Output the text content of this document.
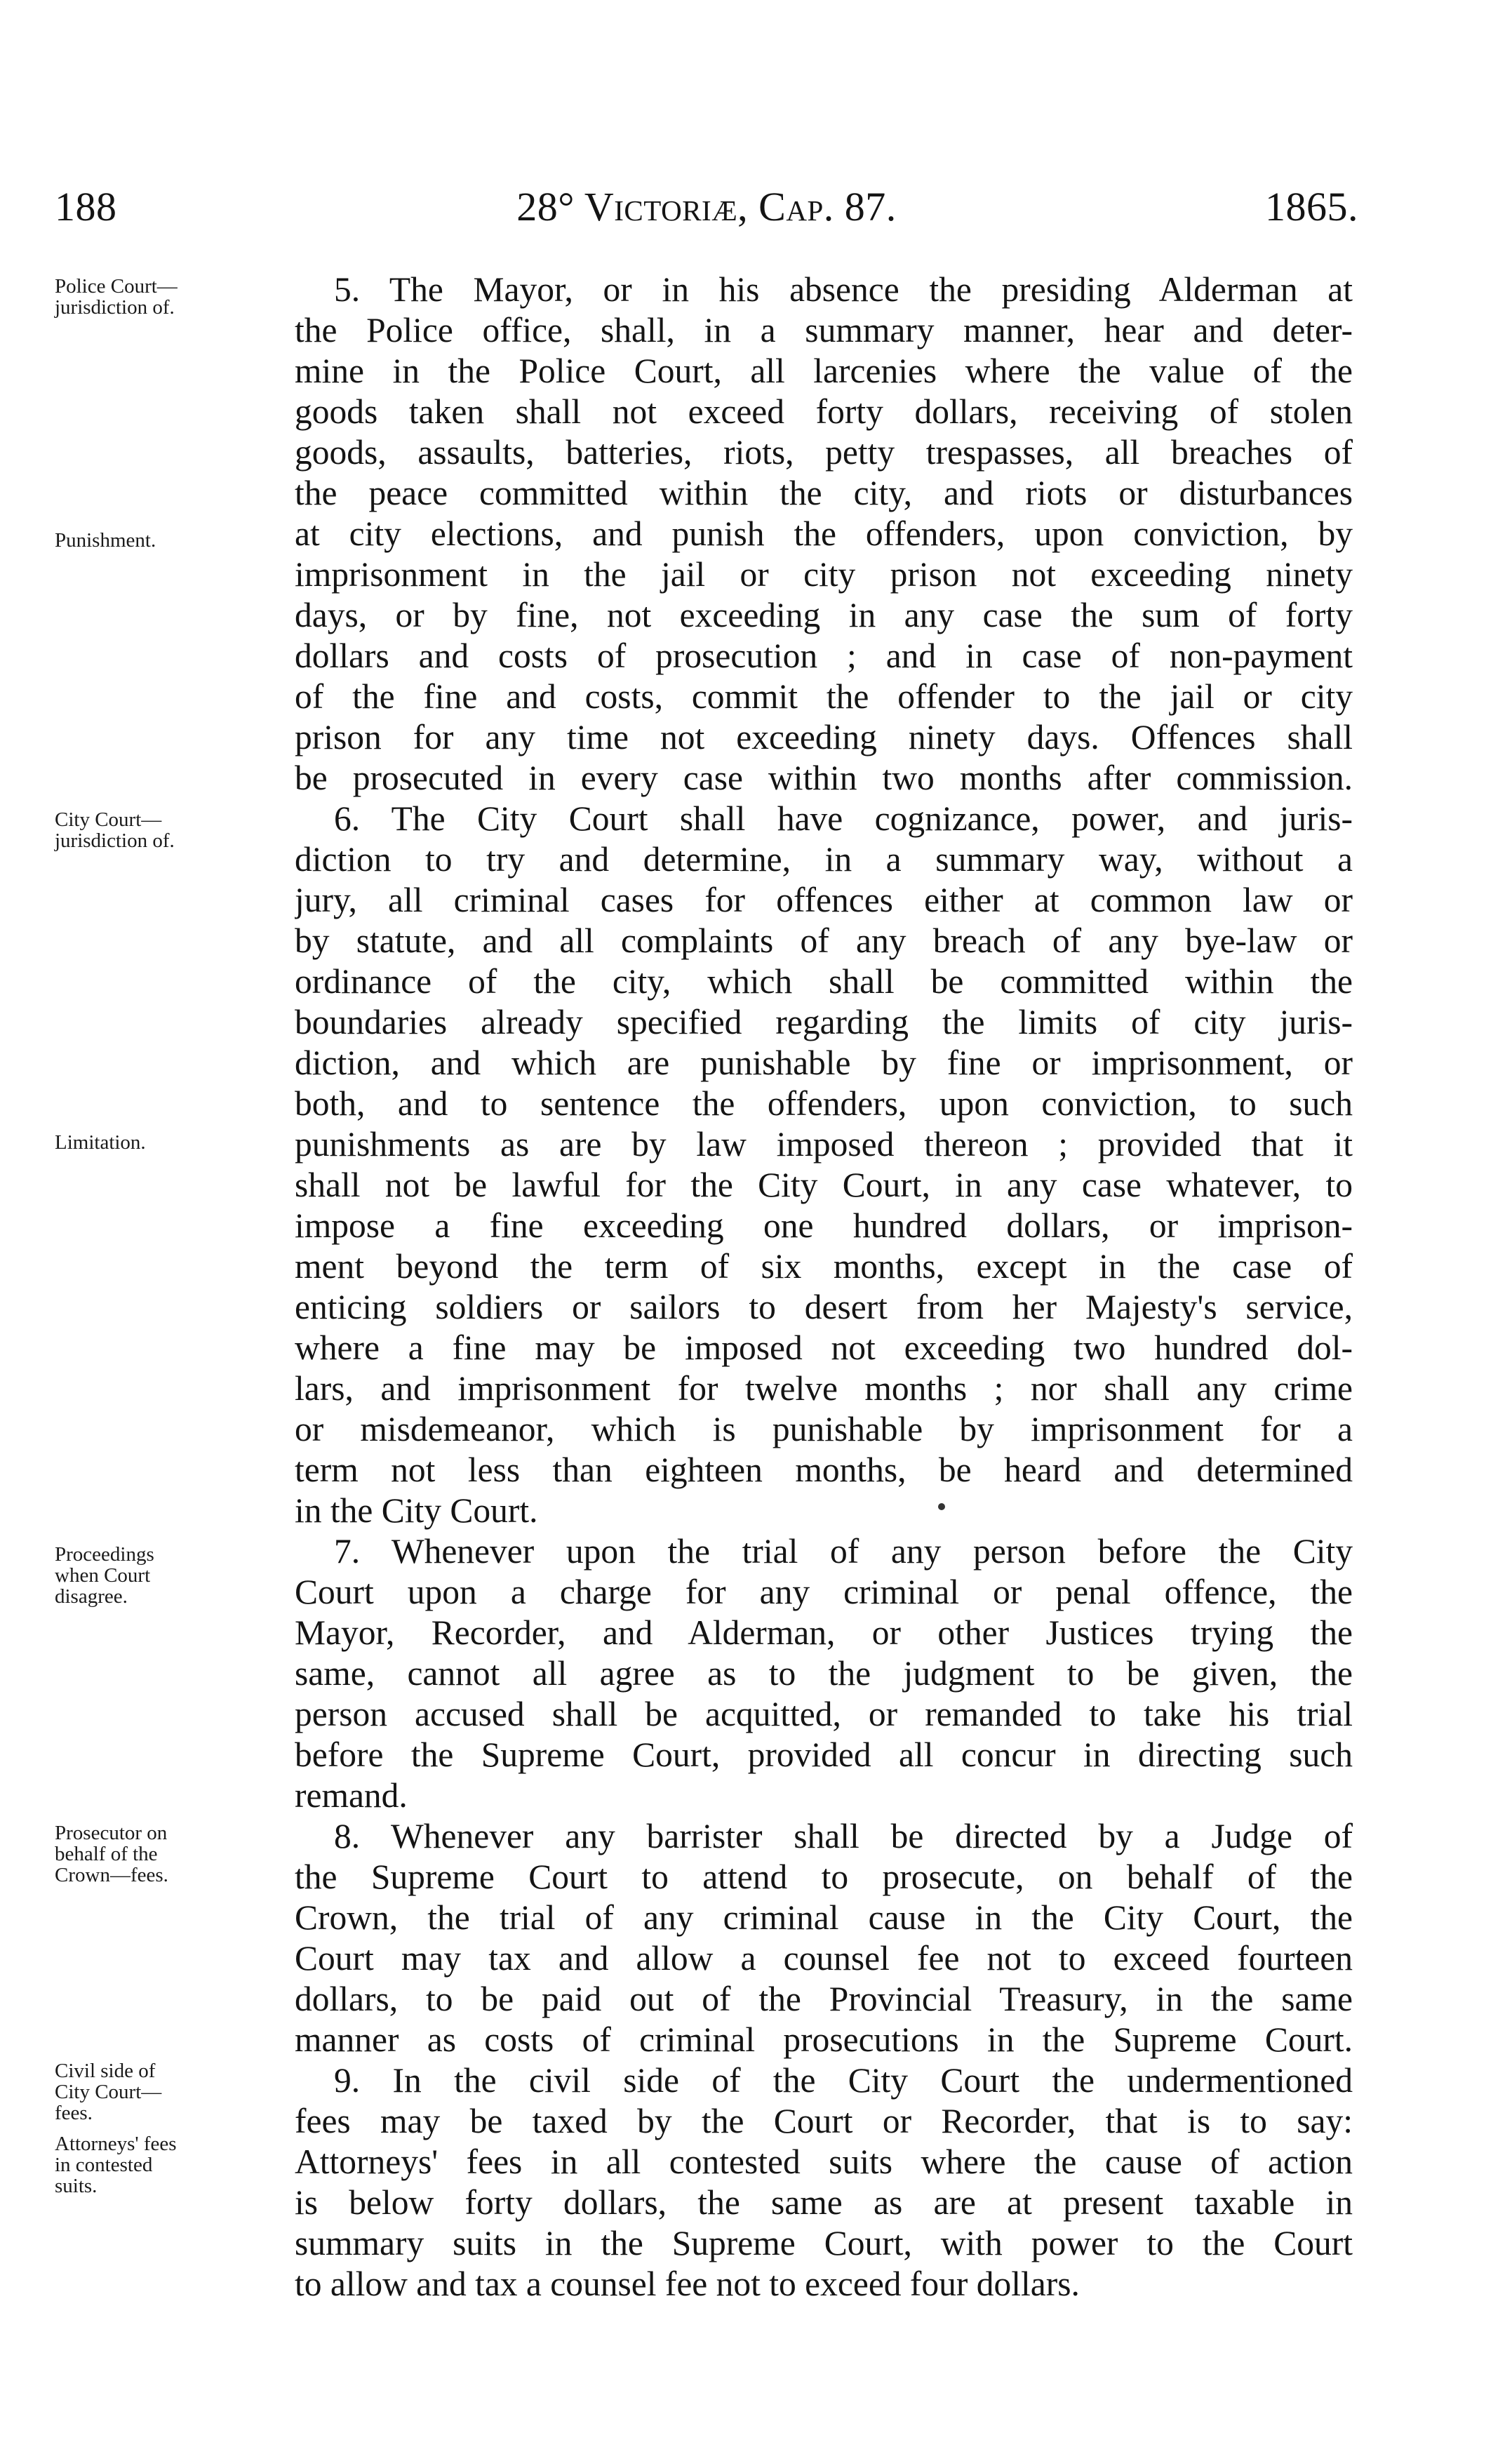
188	28° Victoriæ, Cap. 87.	1865.
Police Court—
jurisdiction of.
Punishment.
City Court—
jurisdiction of.
Limitation.
Proceedings
when Court
disagree.
Prosecutor on
behalf of the
Crown—fees.
Civil side of
City Court—
fees.
Attorneys' fees
in contested
suits.
5. The Mayor, or in his absence the presiding Alderman at
the Police office, shall, in a summary manner, hear and deter-
mine in the Police Court, all larcenies where the value of the
goods taken shall not exceed forty dollars, receiving of stolen
goods, assaults, batteries, riots, petty trespasses, all breaches of
the peace committed within the city, and riots or disturbances
at city elections, and punish the offenders, upon conviction, by
imprisonment in the jail or city prison not exceeding ninety
days, or by fine, not exceeding in any case the sum of forty
dollars and costs of prosecution ; and in case of non-payment
of the fine and costs, commit the offender to the jail or city
prison for any time not exceeding ninety days. Offences shall
be prosecuted in every case within two months after commission.
6. The City Court shall have cognizance, power, and juris-
diction to try and determine, in a summary way, without a
jury, all criminal cases for offences either at common law or
by statute, and all complaints of any breach of any bye-law or
ordinance of the city, which shall be committed within the
boundaries already specified regarding the limits of city juris-
diction, and which are punishable by fine or imprisonment, or
both, and to sentence the offenders, upon conviction, to such
punishments as are by law imposed thereon ; provided that it
shall not be lawful for the City Court, in any case whatever, to
impose a fine exceeding one hundred dollars, or imprison-
ment beyond the term of six months, except in the case of
enticing soldiers or sailors to desert from her Majesty's service,
where a fine may be imposed not exceeding two hundred dol-
lars, and imprisonment for twelve months ; nor shall any crime
or misdemeanor, which is punishable by imprisonment for a
term not less than eighteen months, be heard and determined
in the City Court.
7. Whenever upon the trial of any person before the City
Court upon a charge for any criminal or penal offence, the
Mayor, Recorder, and Alderman, or other Justices trying the
same, cannot all agree as to the judgment to be given, the
person accused shall be acquitted, or remanded to take his trial
before the Supreme Court, provided all concur in directing such
remand.
8. Whenever any barrister shall be directed by a Judge of
the Supreme Court to attend to prosecute, on behalf of the
Crown, the trial of any criminal cause in the City Court, the
Court may tax and allow a counsel fee not to exceed fourteen
dollars, to be paid out of the Provincial Treasury, in the same
manner as costs of criminal prosecutions in the Supreme Court.
9. In the civil side of the City Court the undermentioned
fees may be taxed by the Court or Recorder, that is to say:
Attorneys' fees in all contested suits where the cause of action
is below forty dollars, the same as are at present taxable in
summary suits in the Supreme Court, with power to the Court
to allow and tax a counsel fee not to exceed four dollars.
